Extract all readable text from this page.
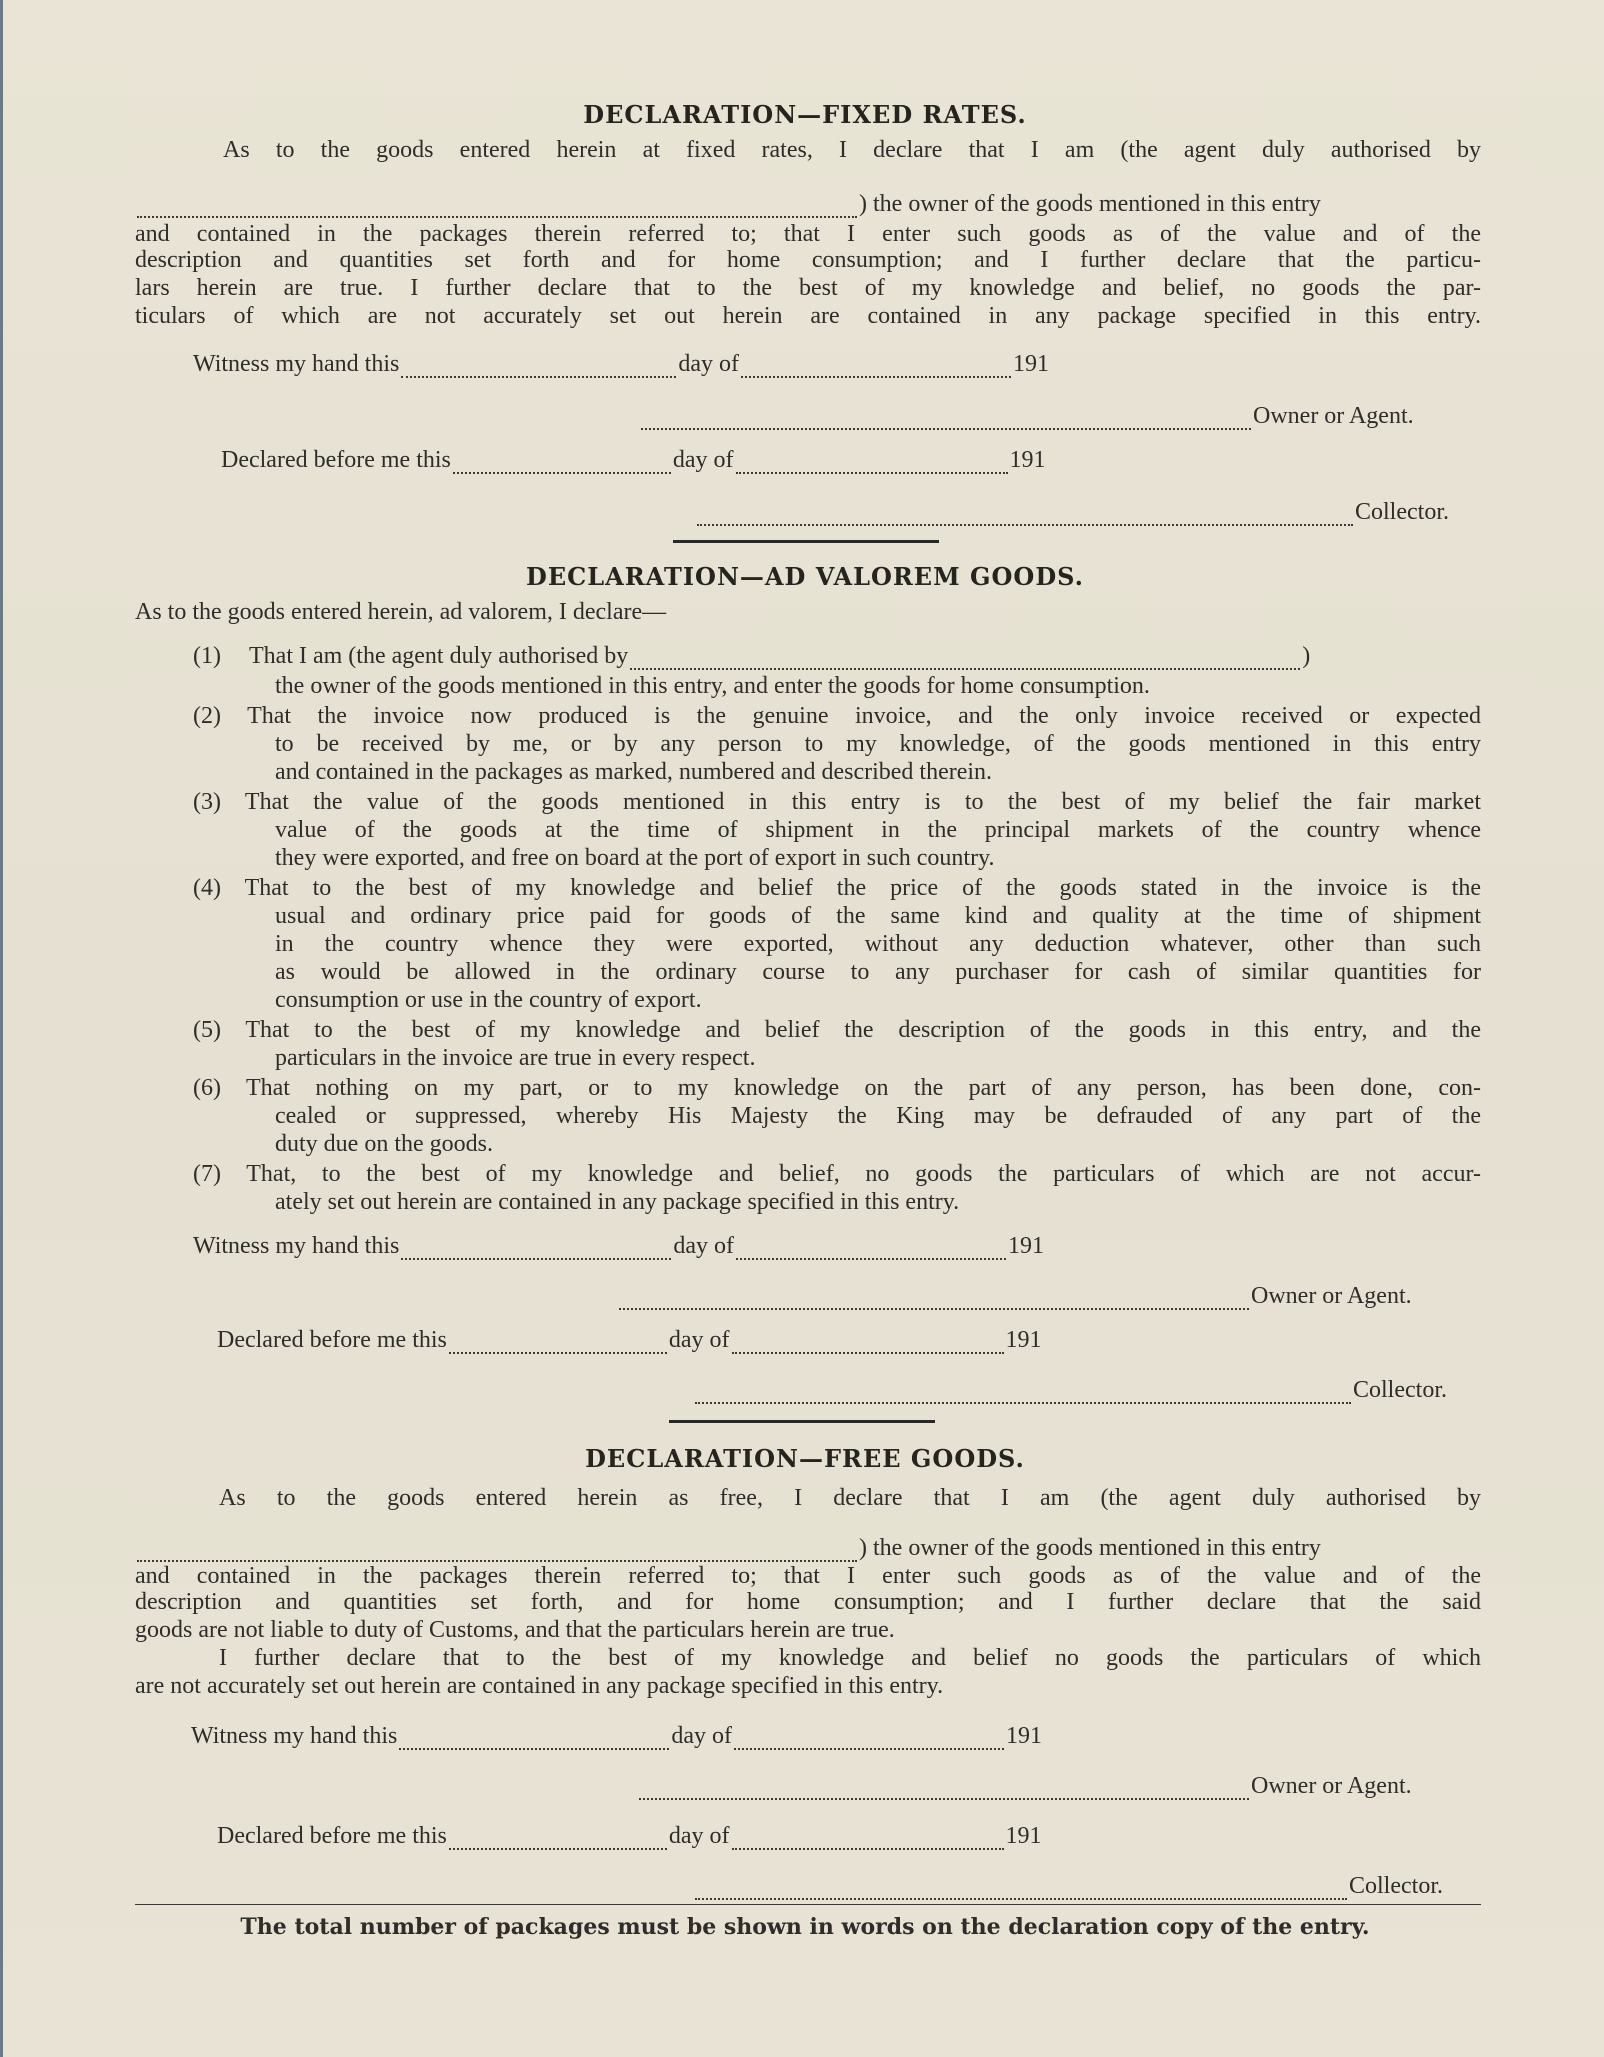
DECLARATION—FIXED RATES.
As to the goods entered herein at fixed rates, I declare that I am (the agent duly authorised by
) the owner of the goods mentioned in this entry
and contained in the packages therein referred to; that I enter such goods as of the value and of the
description and quantities set forth and for home consumption; and I further declare that the particu-
lars herein are true. I further declare that to the best of my knowledge and belief, no goods the par-
ticulars of which are not accurately set out herein are contained in any package specified in this entry.
Witness my hand this	day of	191
Owner or Agent.
Declared before me this	day of	191
Collector.
DECLARATION—AD VALOREM GOODS.
As to the goods entered herein, ad valorem, I declare—
(1)	That I am (the agent duly authorised by	)
the owner of the goods mentioned in this entry, and enter the goods for home consumption.
(2) That the invoice now produced is the genuine invoice, and the only invoice received or expected
to be received by me, or by any person to my knowledge, of the goods mentioned in this entry
and contained in the packages as marked, numbered and described therein.
(3) That the value of the goods mentioned in this entry is to the best of my belief the fair market
value of the goods at the time of shipment in the principal markets of the country whence
they were exported, and free on board at the port of export in such country.
(4) That to the best of my knowledge and belief the price of the goods stated in the invoice is the
usual and ordinary price paid for goods of the same kind and quality at the time of shipment
in the country whence they were exported, without any deduction whatever, other than such
as would be allowed in the ordinary course to any purchaser for cash of similar quantities for
consumption or use in the country of export.
(5) That to the best of my knowledge and belief the description of the goods in this entry, and the
particulars in the invoice are true in every respect.
(6) That nothing on my part, or to my knowledge on the part of any person, has been done, con-
cealed or suppressed, whereby His Majesty the King may be defrauded of any part of the
duty due on the goods.
(7) That, to the best of my knowledge and belief, no goods the particulars of which are not accur-
ately set out herein are contained in any package specified in this entry.
Witness my hand this	day of	191
Owner or Agent.
Declared before me this	day of	191
Collector.
DECLARATION—FREE GOODS.
As to the goods entered herein as free, I declare that I am (the agent duly authorised by
) the owner of the goods mentioned in this entry
and contained in the packages therein referred to; that I enter such goods as of the value and of the
description and quantities set forth, and for home consumption; and I further declare that the said
goods are not liable to duty of Customs, and that the particulars herein are true.
I further declare that to the best of my knowledge and belief no goods the particulars of which
are not accurately set out herein are contained in any package specified in this entry.
Witness my hand this	day of	191
Owner or Agent.
Declared before me this	day of	191
Collector.
The total number of packages must be shown in words on the declaration copy of the entry.
